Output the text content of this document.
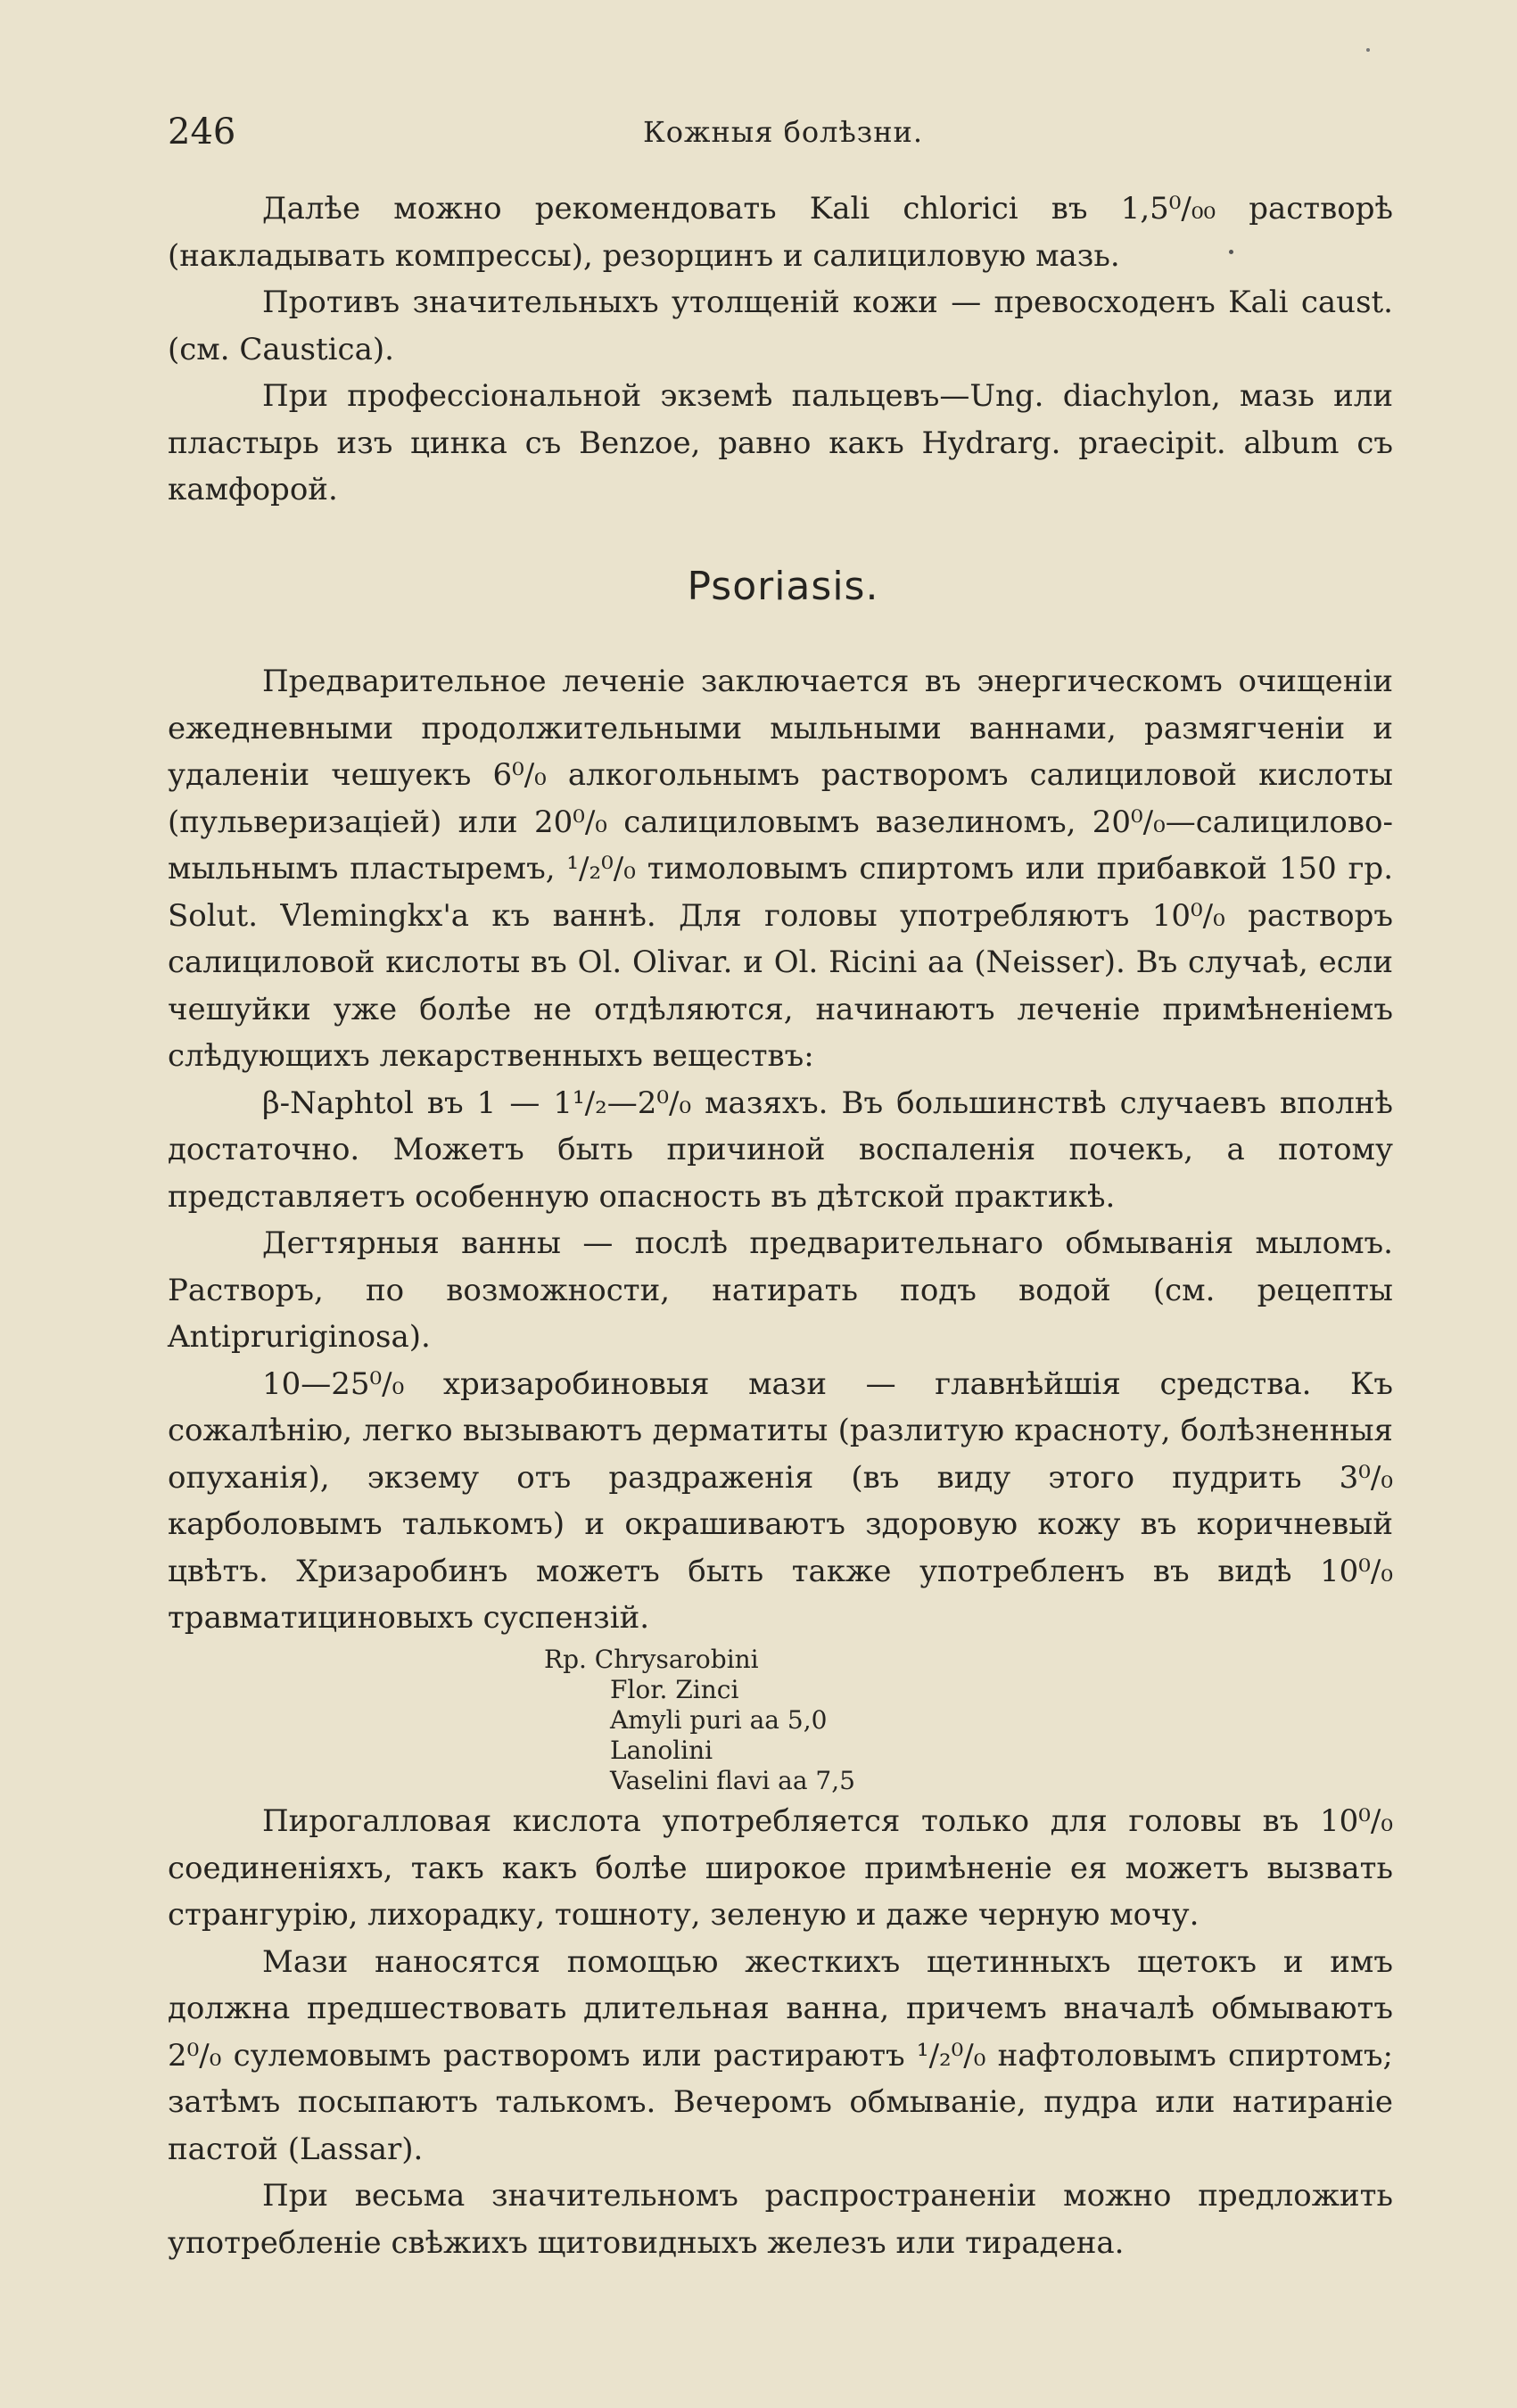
246	Кожныя болѣзни.

Далѣе можно рекомендовать Kali chlorici въ 1,5⁰/₀₀ растворѣ (накладывать компрессы), резорцинъ и салициловую мазь.

Противъ значительныхъ утолщеній кожи — превосходенъ Kali caust. (см. Caustica).

При профессіональной экземѣ пальцевъ—Ung. diachylon, мазь или пластырь изъ цинка съ Benzoe, равно какъ Hydrarg. praecipit. album съ камфорой.

Psoriasis.

Предварительное леченіе заключается въ энергическомъ очищеніи ежедневными продолжительными мыльными ваннами, размягченіи и удаленіи чешуекъ 6⁰/₀ алкогольнымъ растворомъ салициловой кислоты (пульверизаціей) или 20⁰/₀ салициловымъ вазелиномъ, 20⁰/₀—салицилово-мыльнымъ пластыремъ, ¹/₂⁰/₀ тимоловымъ спиртомъ или прибавкой 150 гр. Solut. Vlemingkx'а къ ваннѣ. Для головы употребляютъ 10⁰/₀ растворъ салициловой кислоты въ Ol. Olivar. и Ol. Ricini aa (Neisser). Въ случаѣ, если чешуйки уже болѣе не отдѣляются, начинаютъ леченіе примѣненіемъ слѣдующихъ лекарственныхъ веществъ:

β-Naphtol въ 1 — 1¹/₂—2⁰/₀ мазяхъ. Въ большинствѣ случаевъ вполнѣ достаточно. Можетъ быть причиной воспаленія почекъ, а потому представляетъ особенную опасность въ дѣтской практикѣ.

Дегтярныя ванны — послѣ предварительнаго обмыванія мыломъ. Растворъ, по возможности, натирать подъ водой (см. рецепты Antipruriginosa).

10—25⁰/₀ хризаробиновыя мази — главнѣйшія средства. Къ сожалѣнію, легко вызываютъ дерматиты (разлитую красноту, болѣзненныя опуханія), экзему отъ раздраженія (въ виду этого пудрить 3⁰/₀ карболовымъ талькомъ) и окрашиваютъ здоровую кожу въ коричневый цвѣтъ. Хризаробинъ можетъ быть также употребленъ въ видѣ 10⁰/₀ травматициновыхъ суспензій.

Rp. Chrysarobini
Flor. Zinci
Amyli puri aa 5,0
Lanolini
Vaselini flavi aa 7,5

Пирогалловая кислота употребляется только для головы въ 10⁰/₀ соединеніяхъ, такъ какъ болѣе широкое примѣненіе ея можетъ вызвать странгурію, лихорадку, тошноту, зеленую и даже черную мочу.

Мази наносятся помощью жесткихъ щетинныхъ щетокъ и имъ должна предшествовать длительная ванна, причемъ вначалѣ обмываютъ 2⁰/₀ сулемовымъ растворомъ или растираютъ ¹/₂⁰/₀ нафтоловымъ спиртомъ; затѣмъ посыпаютъ талькомъ. Вечеромъ обмываніе, пудра или натираніе пастой (Lassar).

При весьма значительномъ распространеніи можно предложить употребленіе свѣжихъ щитовидныхъ железъ или тирадена.
